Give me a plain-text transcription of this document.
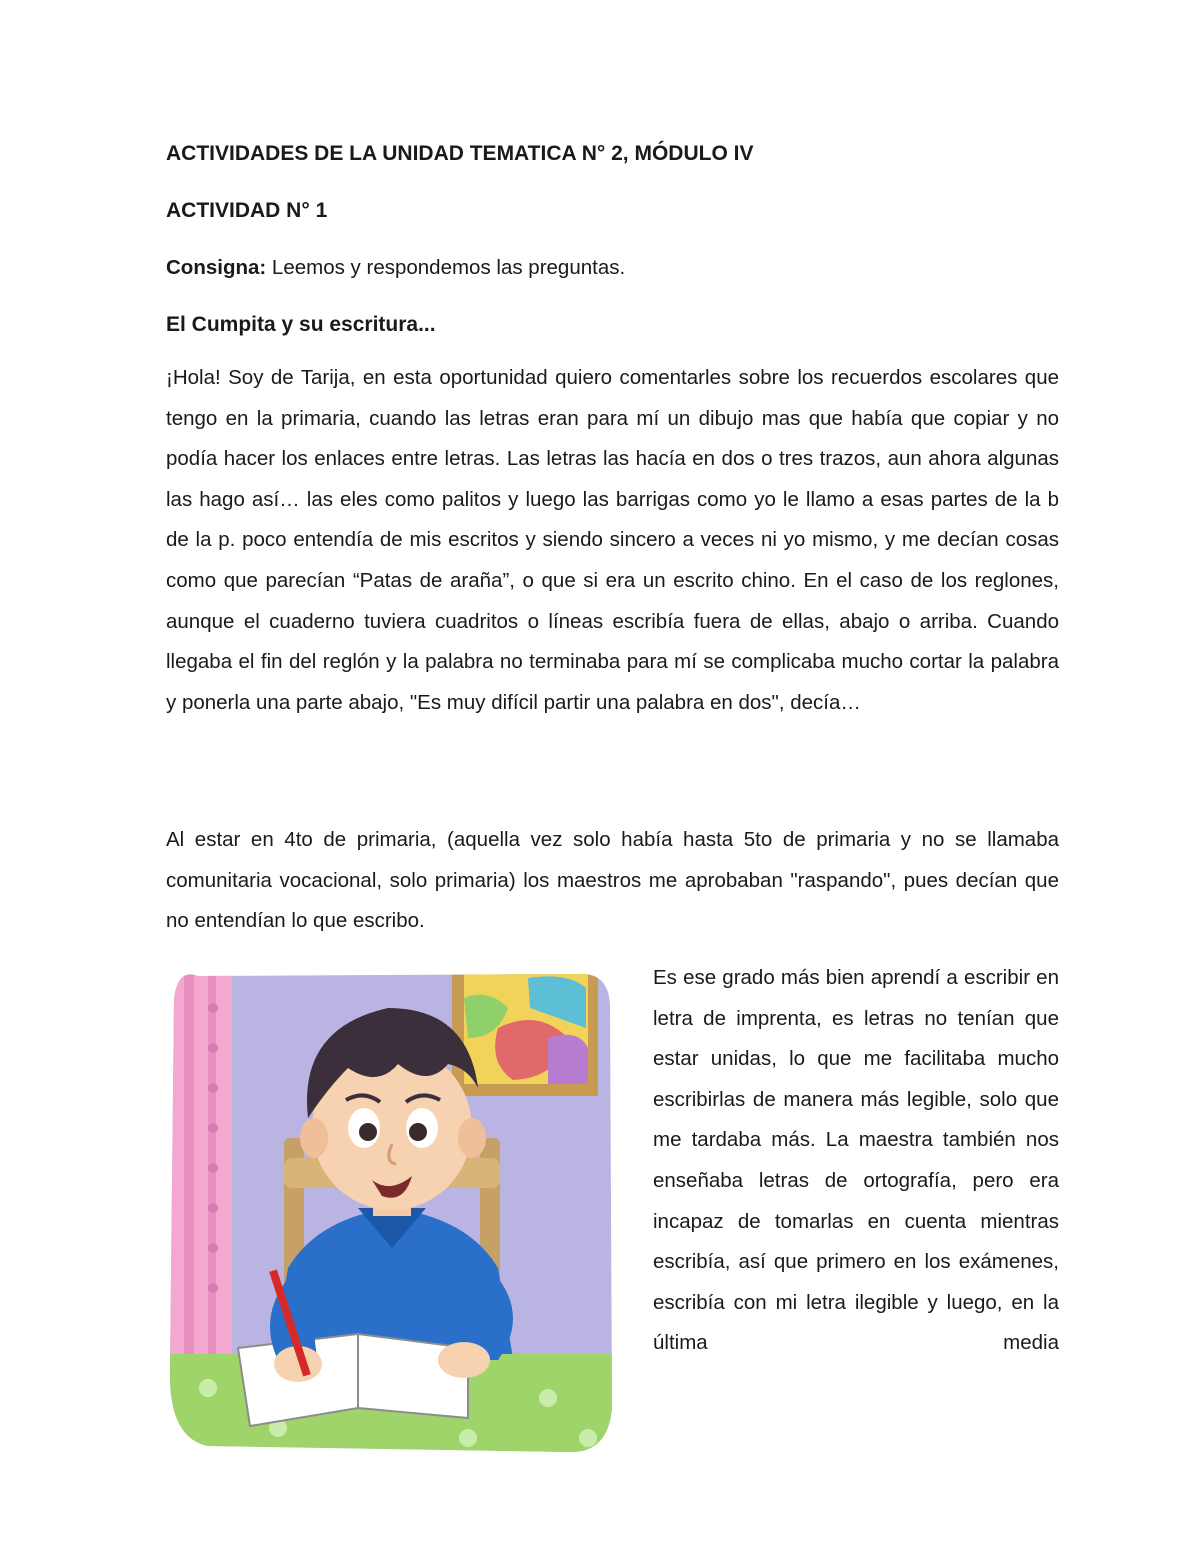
ACTIVIDADES DE LA UNIDAD TEMATICA N° 2, MÓDULO IV
ACTIVIDAD N° 1
Consigna: Leemos y respondemos las preguntas.
El Cumpita y su escritura...

¡Hola! Soy de Tarija, en esta oportunidad quiero comentarles sobre los recuerdos escolares que tengo en la primaria, cuando las letras eran para mí un dibujo mas que había que copiar y no podía hacer los enlaces entre letras. Las letras las hacía en dos o tres trazos, aun ahora algunas las hago así… las eles como palitos y luego las barrigas como yo le llamo a esas partes de la b de la p. poco entendía de mis escritos y siendo sincero a veces ni yo mismo, y me decían cosas como que parecían “Patas de araña”, o que si era un escrito chino. En el caso de los reglones, aunque el cuaderno tuviera cuadritos o líneas escribía fuera de ellas, abajo o arriba. Cuando llegaba el fin del reglón y la palabra no terminaba para mí se complicaba mucho cortar la palabra y ponerla una parte abajo, "Es muy difícil partir una palabra en dos", decía…

Al estar en 4to de primaria, (aquella vez solo había hasta 5to de primaria y no se llamaba comunitaria vocacional, solo primaria) los maestros me aprobaban "raspando", pues decían que no entendían lo que escribo.

Es ese grado más bien aprendí a escribir en letra de imprenta, es letras no tenían que estar unidas, lo que me facilitaba mucho escribirlas de manera más legible, solo que me tardaba más. La maestra también nos enseñaba letras de ortografía, pero era incapaz de tomarlas en cuenta mientras escribía, así que primero en los exámenes, escribía con mi letra ilegible y luego, en la última media
